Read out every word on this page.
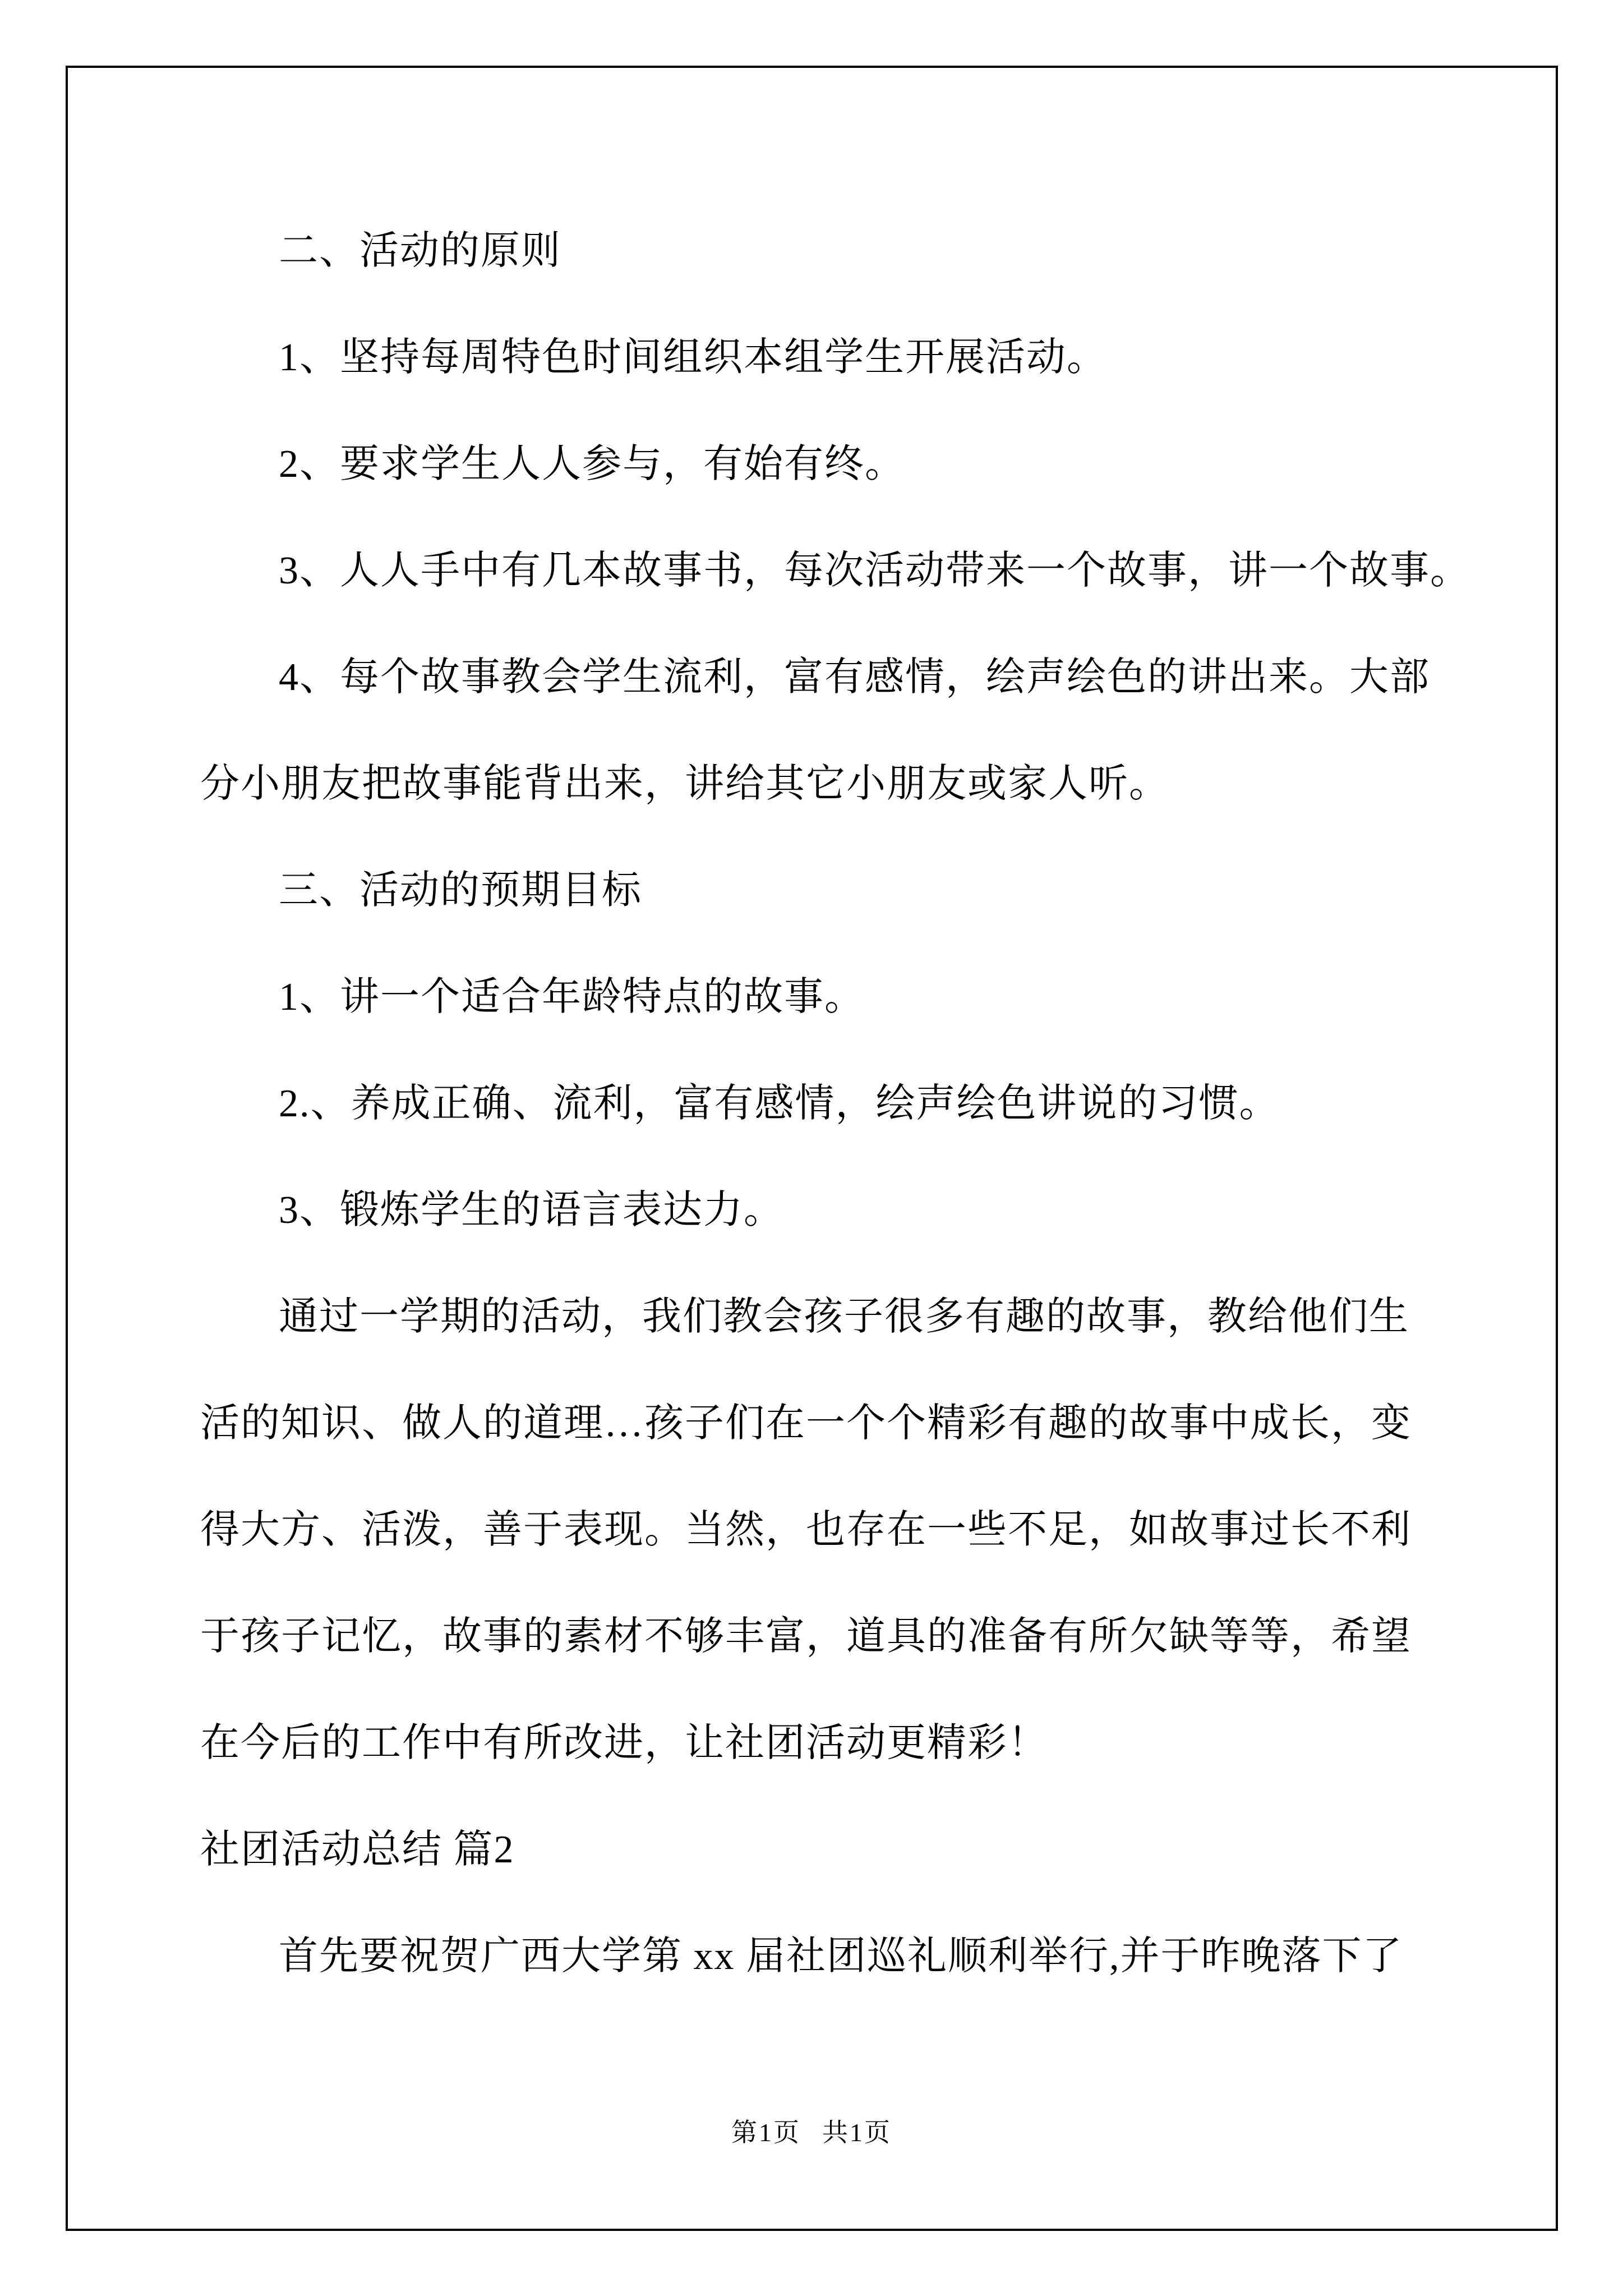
二、活动的原则
1、坚持每周特色时间组织本组学生开展活动。
2、要求学生人人参与，有始有终。
3、人人手中有几本故事书，每次活动带来一个故事，讲一个故事。
4、每个故事教会学生流利，富有感情，绘声绘色的讲出来。大部
分小朋友把故事能背出来，讲给其它小朋友或家人听。
三、活动的预期目标
1、讲一个适合年龄特点的故事。
2.、养成正确、流利，富有感情，绘声绘色讲说的习惯。
3、锻炼学生的语言表达力。
通过一学期的活动，我们教会孩子很多有趣的故事，教给他们生
活的知识、做人的道理…孩子们在一个个精彩有趣的故事中成长，变
得大方、活泼，善于表现。当然，也存在一些不足，如故事过长不利
于孩子记忆，故事的素材不够丰富，道具的准备有所欠缺等等，希望
在今后的工作中有所改进，让社团活动更精彩！
社团活动总结 篇2
首先要祝贺广西大学第 xx 届社团巡礼顺利举行,并于昨晚落下了
第1页 共1页
